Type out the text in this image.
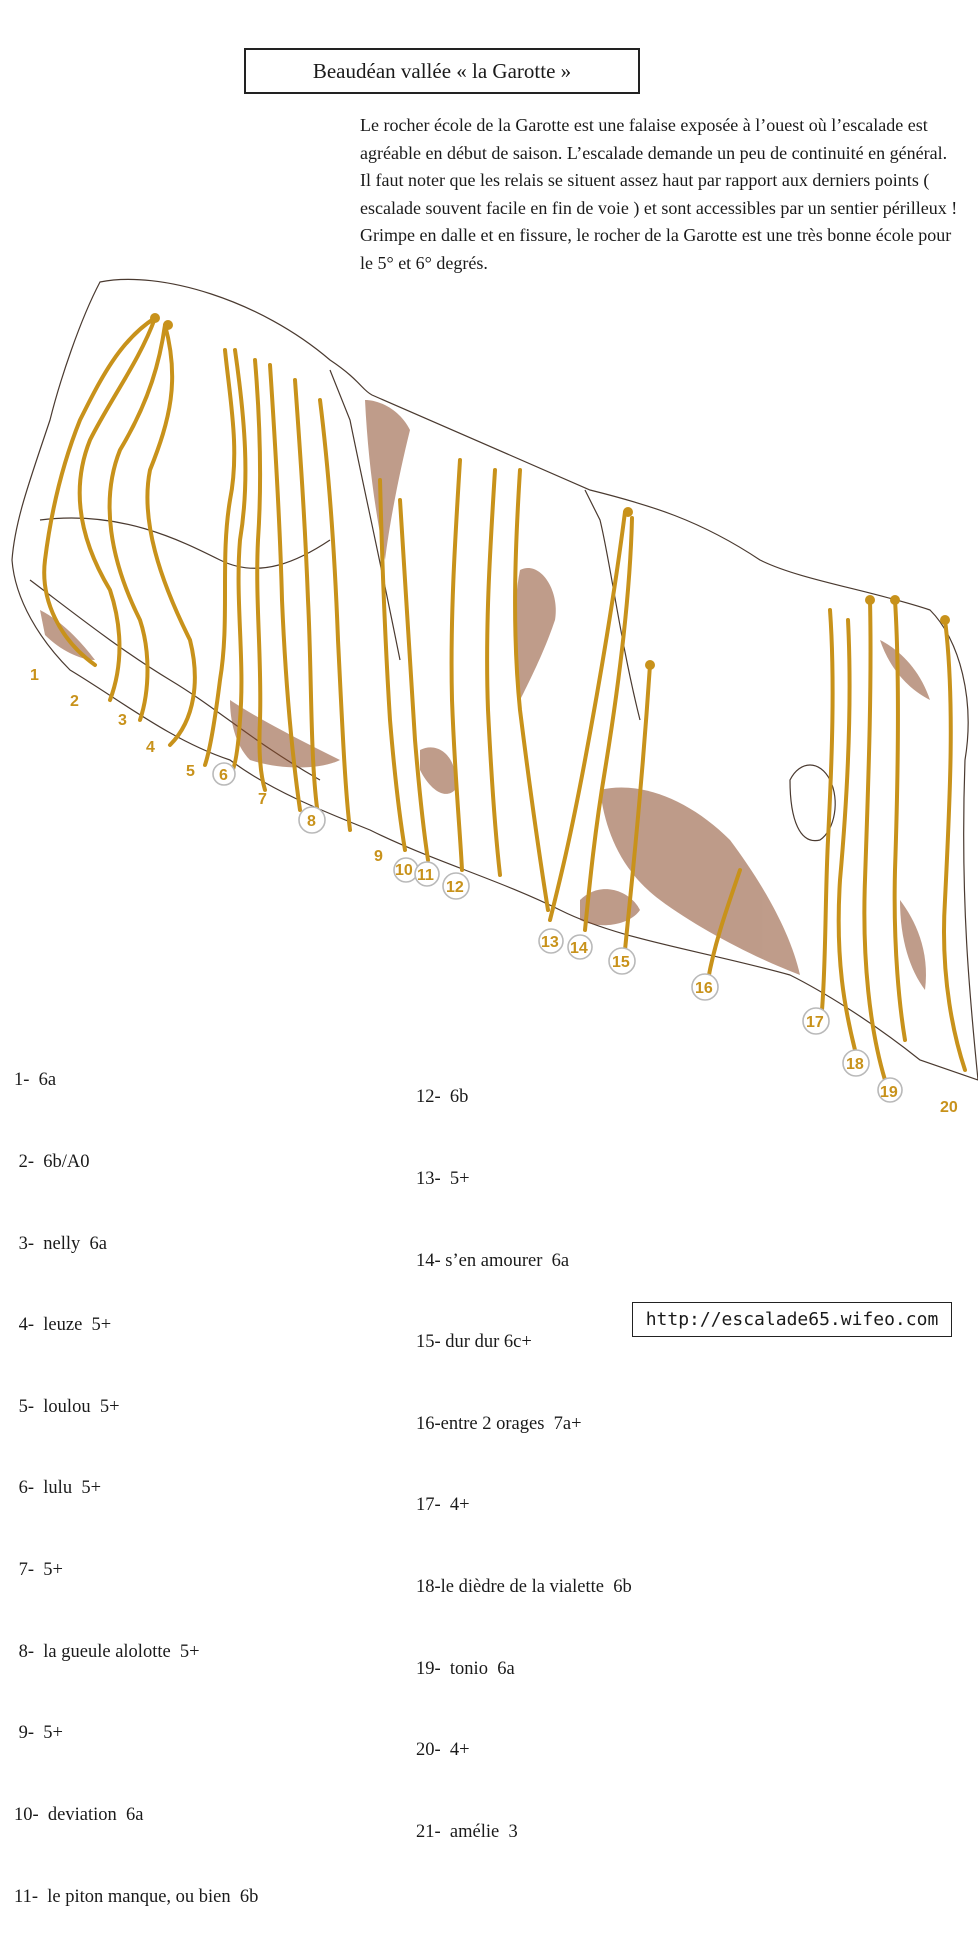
Beaudéan vallée « la Garotte »

Le rocher école de la Garotte est une falaise exposée à l’ouest où l’escalade est agréable en début de saison. L’escalade demande un peu de continuité en général. Il faut noter que les relais se situent assez haut par rapport aux derniers points ( escalade souvent facile en fin de voie ) et sont accessibles par un sentier périlleux !

Grimpe en dalle et en fissure, le rocher de la Garotte est une très bonne école pour le 5° et 6° degrés.

1
2
3
4
5 6
7
8
9
10 11
12
13 14
15
16
17
18
19
20

1-  6a

2-  6b/A0

3-  nelly  6a

4-  leuze  5+

5-  loulou  5+

6-  lulu  5+

7-  5+

8-  la gueule alolotte  5+

9-  5+

10-  deviation  6a

11-  le piton manque, ou bien  6b

12-  6b

13-  5+

14- s’en amourer  6a

15- dur dur 6c+

16-entre 2 orages  7a+

17-  4+

18-le dièdre de la vialette  6b

19-  tonio  6a

20-  4+

21-  amélie  3

http://escalade65.wifeo.com
